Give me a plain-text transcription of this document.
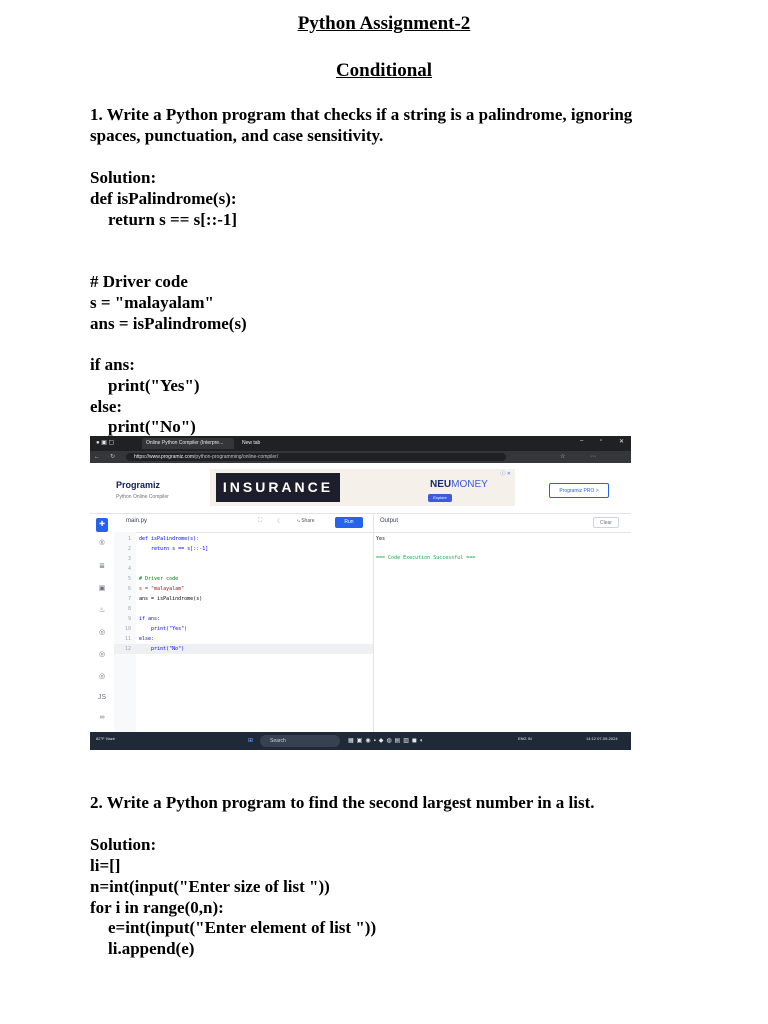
Python Assignment-2
Conditional
1. Write a Python program that checks if a string is a palindrome, ignoring
spaces, punctuation, and case sensitivity.
Solution:
def isPalindrome(s):
return s == s[::-1]
# Driver code
s = "malayalam"
ans = isPalindrome(s)
if ans:
print("Yes")
else:
print("No")
● ▣ ▢	Online Python Compiler (Interpre...	New tab	–	▫	✕
← ↻	https://www.programiz.com/python-programming/online-compiler/	☆	⋯
Programiz
Python Online Compiler
INSURANCE	NEUMONEY
Explore
ⓘ ✕
Programiz PRO >
✚
®
≣
▣
♨
◎
◎
◎
JS
∞
main.py	⛶ ☾	⤷ Share	Run
1 def isPalindrome(s):
2    return s == s[::-1]
3
4
5 # Driver code
6 s = "malayalam"
7 ans = isPalindrome(s)
8
9 if ans:
10    print("Yes")
11 else:
12    print("No")
Output	Clear
Yes
=== Code Execution Successful ===
82°F Haze	⊞	Search	▦▣◉▪◆◍▤▥◼◐	ENG IN	14:12 07-09-2024
2. Write a Python program to find the second largest number in a list.
Solution:
li=[]
n=int(input("Enter size of list "))
for i in range(0,n):
e=int(input("Enter element of list "))
li.append(e)
